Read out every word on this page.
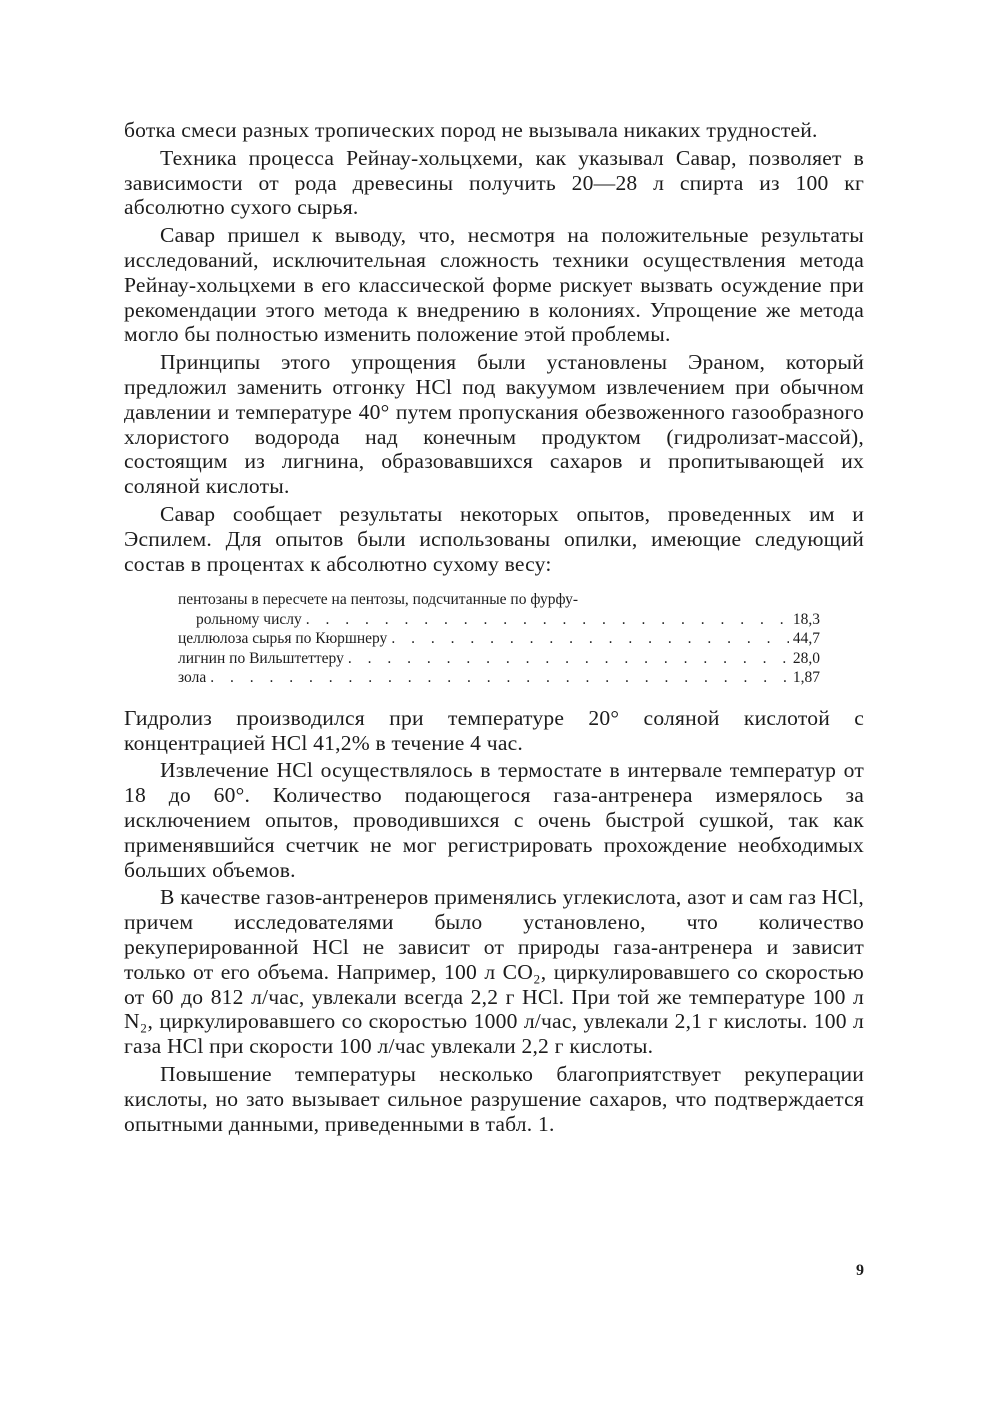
ботка смеси разных тропических пород не вызывала никаких трудностей.

Техника процесса Рейнау-хольцхеми, как указывал Савар, позволяет в зависимости от рода древесины получить 20—28 л спирта из 100 кг абсолютно сухого сырья.

Савар пришел к выводу, что, несмотря на положительные результаты исследований, исключительная сложность техники осуществления метода Рейнау-хольцхеми в его классической форме рискует вызвать осуждение при рекомендации этого метода к внедрению в колониях. Упрощение же метода могло бы полностью изменить положение этой проблемы.

Принципы этого упрощения были установлены Эраном, который предложил заменить отгонку HCl под вакуумом извлечением при обычном давлении и температуре 40° путем пропускания обезвоженного газообразного хлористого водорода над конечным продуктом (гидролизат-массой), состоящим из лигнина, образовавшихся сахаров и пропитывающей их соляной кислоты.

Савар сообщает результаты некоторых опытов, проведенных им и Эспилем. Для опытов были использованы опилки, имеющие следующий состав в процентах к абсолютно сухому весу:

пентозаны в пересчете на пентозы, подсчитанные по фурфу-
рольному числу . . .	18,3
целлюлоза сырья по Кюршнеру . . .	44,7
лигнин по Вильштеттеру . . .	28,0
зола . . .	1,87

Гидролиз производился при температуре 20° соляной кислотой с концентрацией HCl 41,2% в течение 4 час.

Извлечение HCl осуществлялось в термостате в интервале температур от 18 до 60°. Количество подающегося газа-антренера измерялось за исключением опытов, проводившихся с очень быстрой сушкой, так как применявшийся счетчик не мог регистрировать прохождение необходимых больших объемов.

В качестве газов-антренеров применялись углекислота, азот и сам газ HCl, причем исследователями было установлено, что количество рекуперированной HCl не зависит от природы газа-антренера и зависит только от его объема. Например, 100 л CO₂, циркулировавшего со скоростью от 60 до 812 л/час, увлекали всегда 2,2 г HCl. При той же температуре 100 л N₂, циркулировавшего со скоростью 1000 л/час, увлекали 2,1 г кислоты. 100 л газа HCl при скорости 100 л/час увлекали 2,2 г кислоты.

Повышение температуры несколько благоприятствует рекуперации кислоты, но зато вызывает сильное разрушение сахаров, что подтверждается опытными данными, приведенными в табл. 1.

9
